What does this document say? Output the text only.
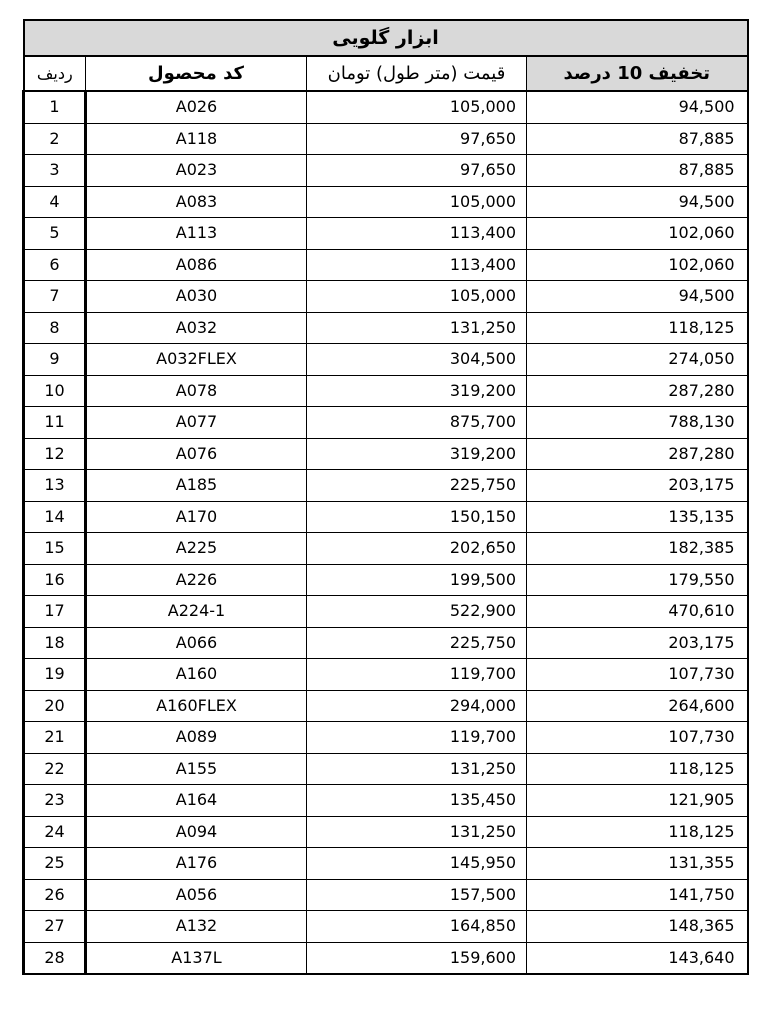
ابزار گلویی			
ردیف	کد محصول	قیمت (متر طول) تومان	تخفیف 10 درصد
1	A026	105,000	94,500
2	A118	97,650	87,885
3	A023	97,650	87,885
4	A083	105,000	94,500
5	A113	113,400	102,060
6	A086	113,400	102,060
7	A030	105,000	94,500
8	A032	131,250	118,125
9	A032FLEX	304,500	274,050
10	A078	319,200	287,280
11	A077	875,700	788,130
12	A076	319,200	287,280
13	A185	225,750	203,175
14	A170	150,150	135,135
15	A225	202,650	182,385
16	A226	199,500	179,550
17	A224-1	522,900	470,610
18	A066	225,750	203,175
19	A160	119,700	107,730
20	A160FLEX	294,000	264,600
21	A089	119,700	107,730
22	A155	131,250	118,125
23	A164	135,450	121,905
24	A094	131,250	118,125
25	A176	145,950	131,355
26	A056	157,500	141,750
27	A132	164,850	148,365
28	A137L	159,600	143,640
